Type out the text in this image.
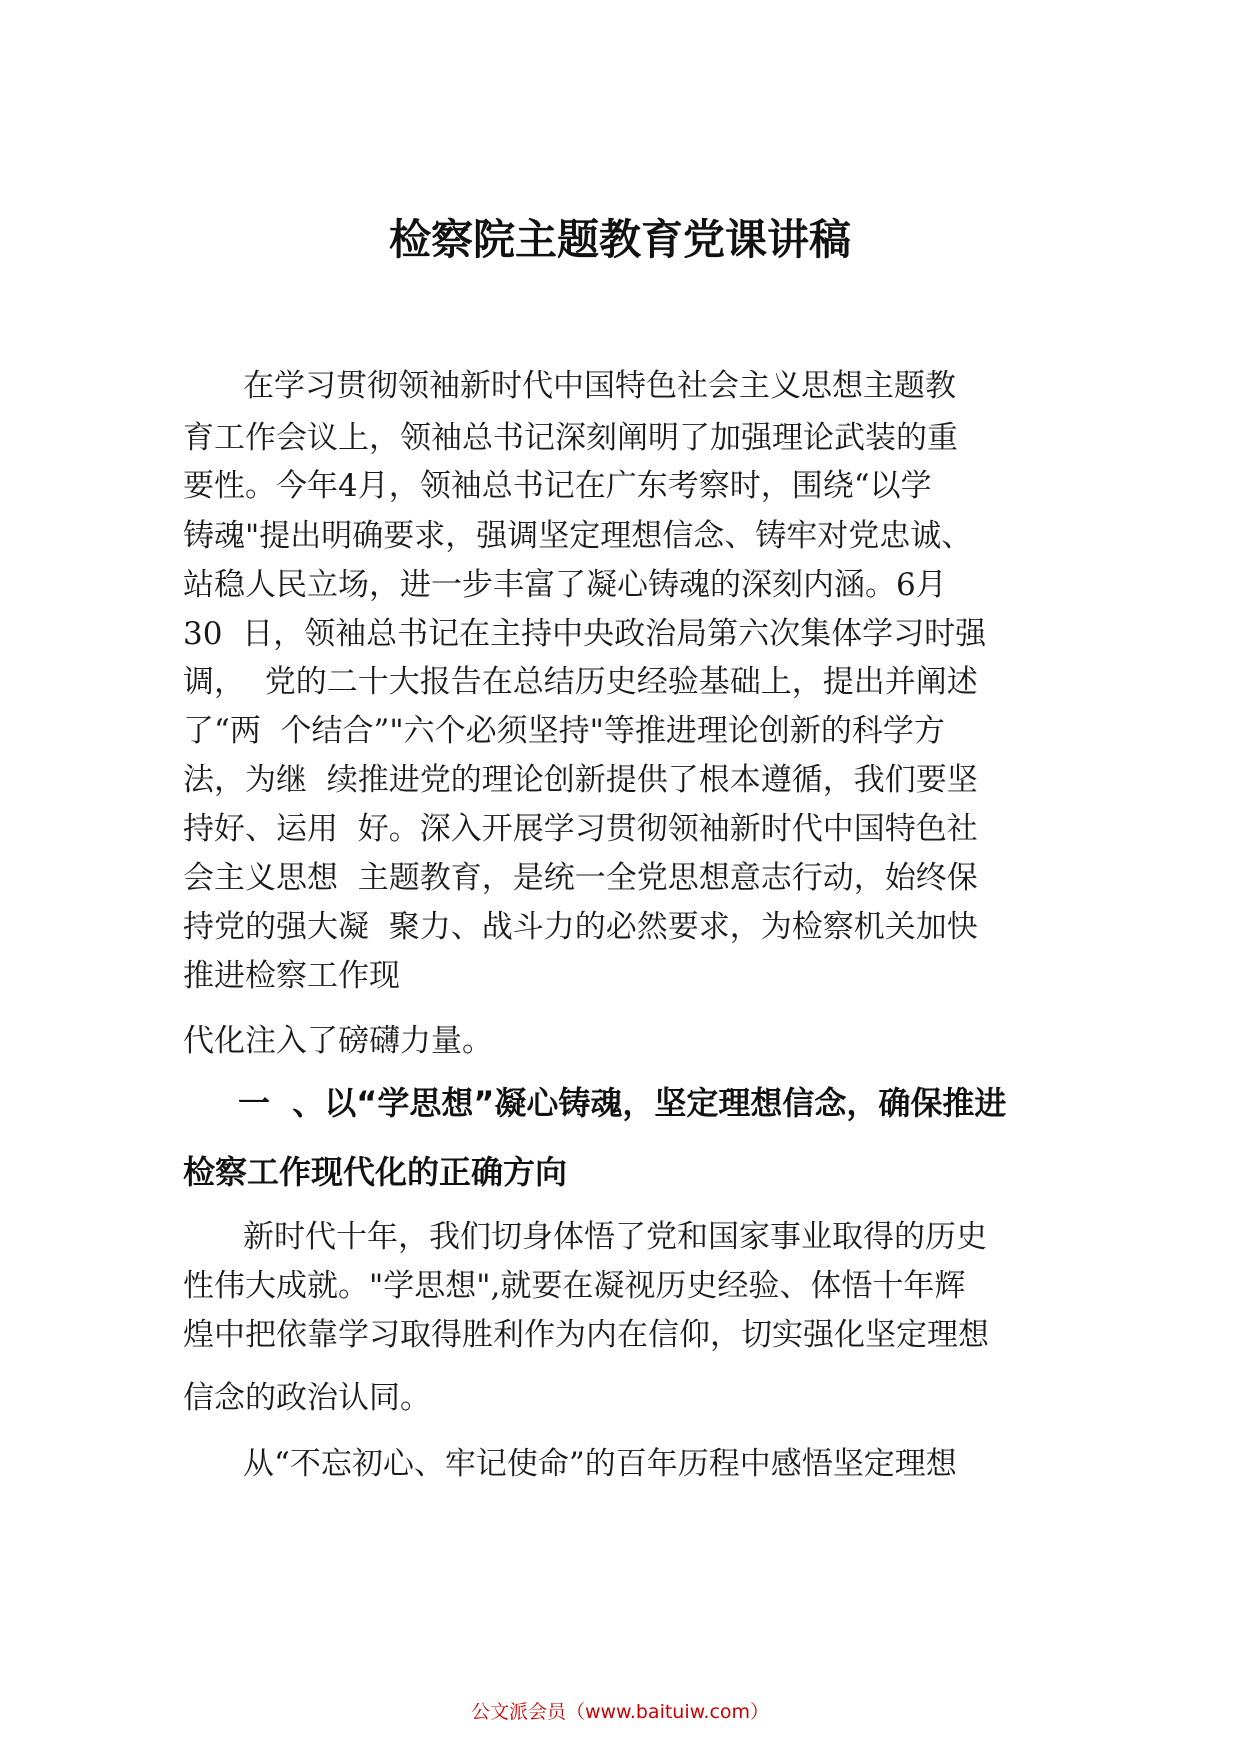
检察院主题教育党课讲稿
在学习贯彻领袖新时代中国特色社会主义思想主题教
育工作会议上，领袖总书记深刻阐明了加强理论武装的重
要性。今年4月，领袖总书记在广东考察时，围绕“以学
铸魂"提出明确要求，强调坚定理想信念、铸牢对党忠诚、
站稳人民立场，进一步丰富了凝心铸魂的深刻内涵。6月
30  日，领袖总书记在主持中央政治局第六次集体学习时强
调，  党的二十大报告在总结历史经验基础上，提出并阐述
了“两  个结合”"六个必须坚持"等推进理论创新的科学方
法，为继  续推进党的理论创新提供了根本遵循，我们要坚
持好、运用  好。深入开展学习贯彻领袖新时代中国特色社
会主义思想  主题教育，是统一全党思想意志行动，始终保
持党的强大凝  聚力、战斗力的必然要求，为检察机关加快
推进检察工作现
代化注入了磅礴力量。
一  、以“学思想”凝心铸魂，坚定理想信念，确保推进
检察工作现代化的正确方向
新时代十年，我们切身体悟了党和国家事业取得的历史
性伟大成就。"学思想",就要在凝视历史经验、体悟十年辉
煌中把依靠学习取得胜利作为内在信仰，切实强化坚定理想
信念的政治认同。
从“不忘初心、牢记使命”的百年历程中感悟坚定理想
公文派会员（www.baituiw.com）
